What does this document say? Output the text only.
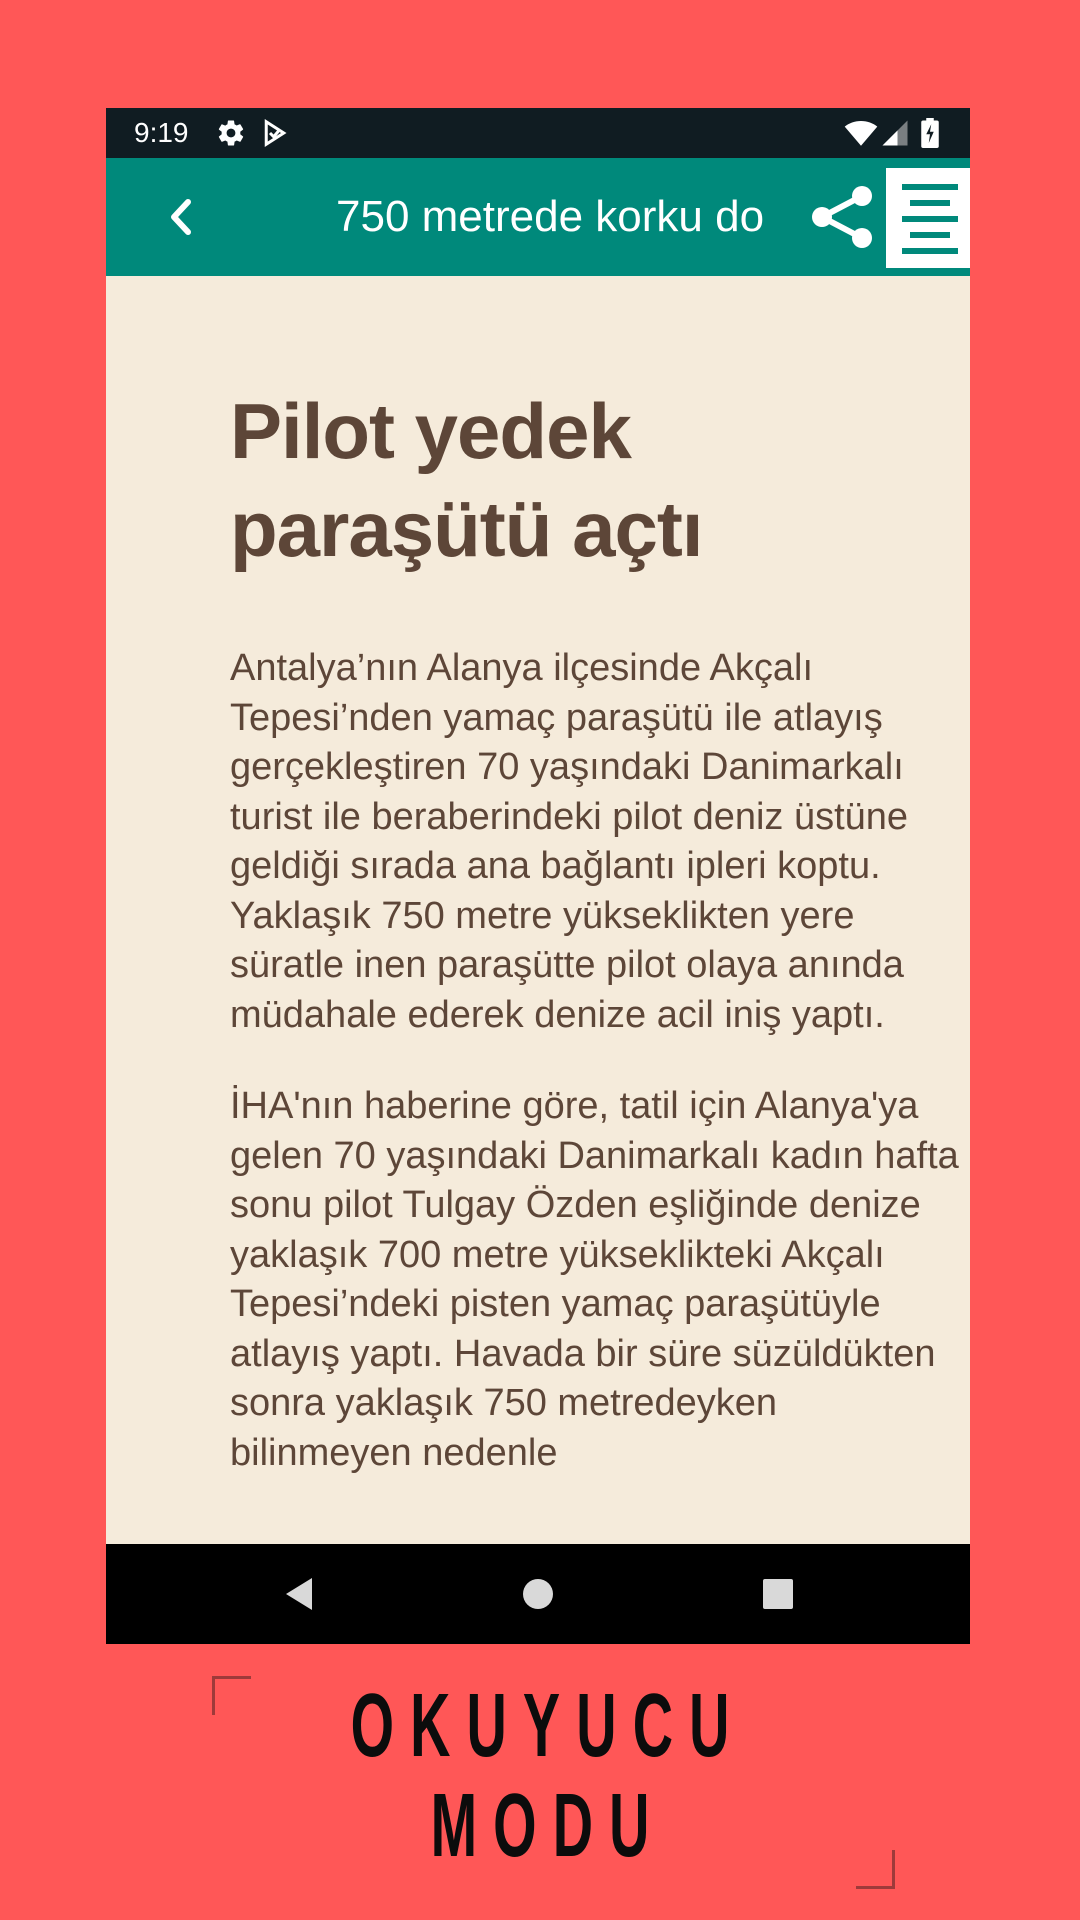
9:19
750 metrede korku do
Pilot yedek paraşütü açtı

Antalya’nın Alanya ilçesinde Akçalı Tepesi’nden yamaç paraşütü ile atlayış gerçekleştiren 70 yaşındaki Danimarkalı turist ile beraberindeki pilot deniz üstüne geldiği sırada ana bağlantı ipleri koptu. Yaklaşık 750 metre yükseklikten yere süratle inen paraşütte pilot olaya anında müdahale ederek denize acil iniş yaptı.

İHA'nın haberine göre, tatil için Alanya'ya gelen 70 yaşındaki Danimarkalı kadın hafta sonu pilot Tulgay Özden eşliğinde denize yaklaşık 700 metre yükseklikteki Akçalı Tepesi’ndeki pisten yamaç paraşütüyle atlayış yaptı. Havada bir süre süzüldükten sonra yaklaşık 750 metredeyken bilinmeyen nedenle

OKUYUCU
MODU
